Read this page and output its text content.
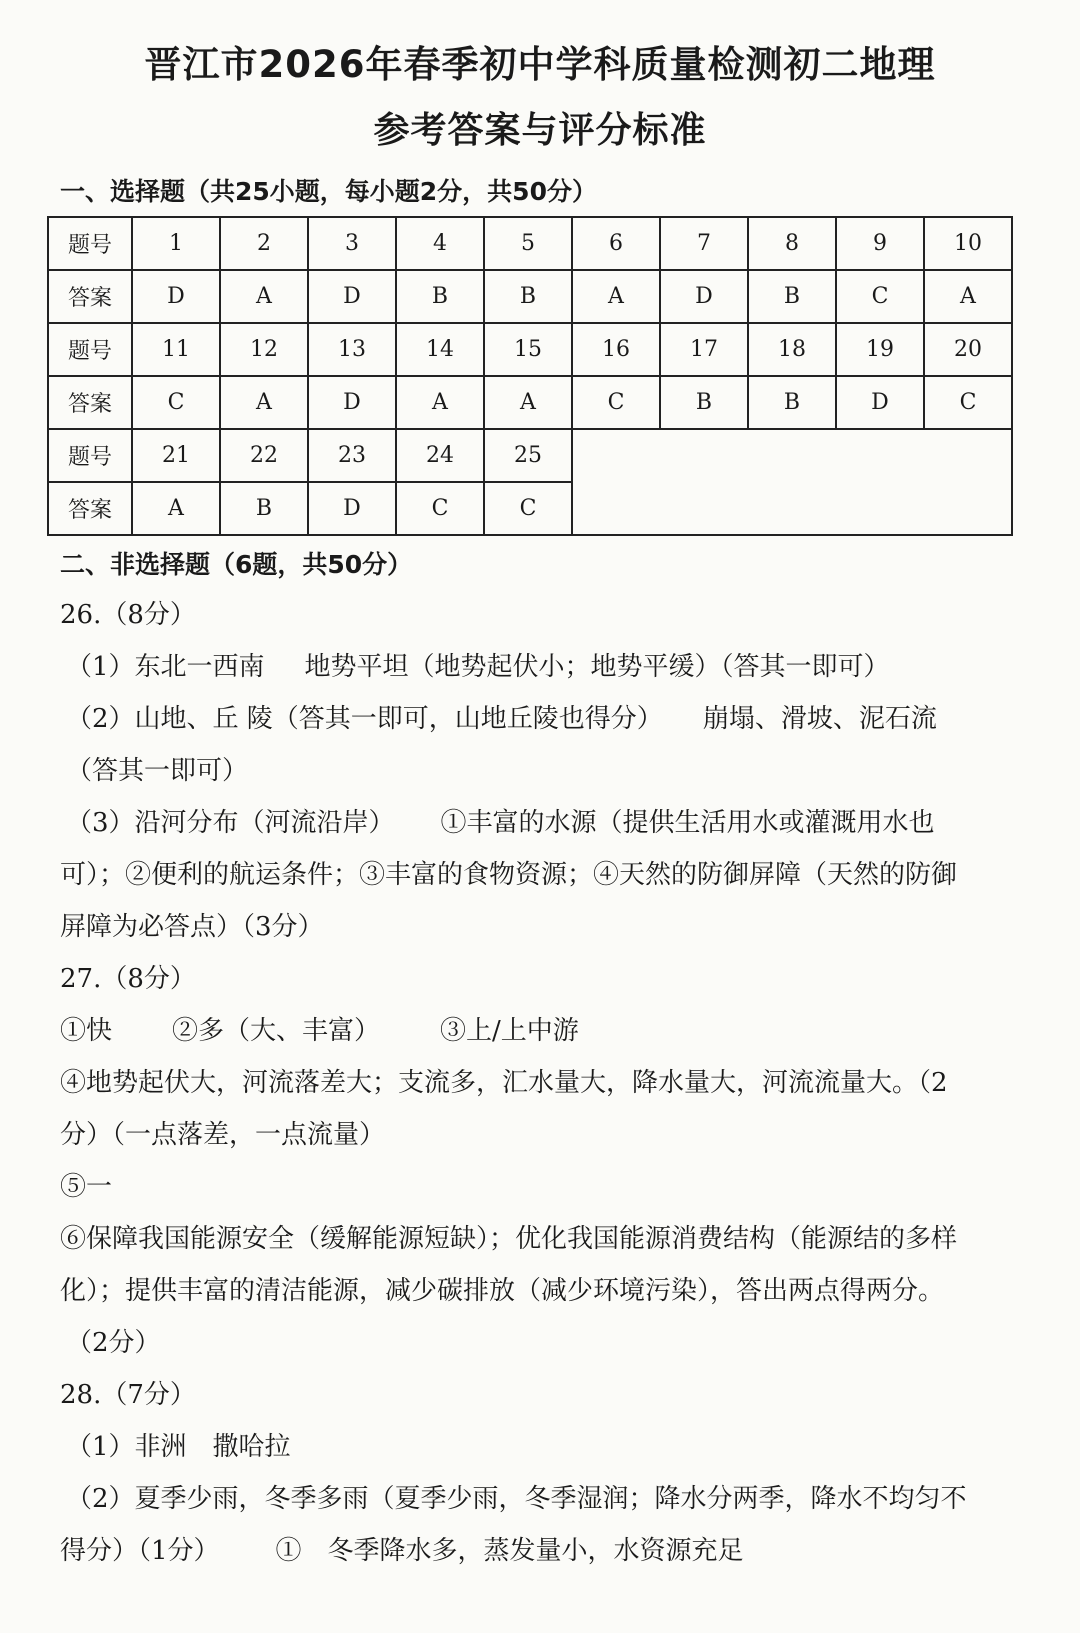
晋江市2026年春季初中学科质量检测初二地理
参考答案与评分标准
一、选择题（共25小题，每小题2分，共50分）
题号	1	2	3	4	5	6	7	8	9	10
答案	D	A	D	B	B	A	D	B	C	A
题号	11	12	13	14	15	16	17	18	19	20
答案	C	A	D	A	A	C	B	B	D	C
题号	21	22	23	24	25					
答案	A	B	D	C	C					
二、非选择题（6题，共50分）
26.（8分）
（1）东北一西南 地势平坦（地势起伏小；地势平缓）（答其一即可）
（2）山地、丘 陵（答其一即可，山地丘陵也得分） 崩塌、滑坡、泥石流
（答其一即可）
（3）沿河分布（河流沿岸） ①丰富的水源（提供生活用水或灌溉用水也
可）；②便利的航运条件；③丰富的食物资源；④天然的防御屏障（天然的防御
屏障为必答点）（3分）
27.（8分）
①快 ②多（大、丰富） ③上/上中游
④地势起伏大，河流落差大；支流多，汇水量大，降水量大，河流流量大。（2
分）（一点落差，一点流量）
⑤一
⑥保障我国能源安全（缓解能源短缺）；优化我国能源消费结构（能源结的多样
化）；提供丰富的清洁能源，减少碳排放（减少环境污染），答出两点得两分。
（2分）
28.（7分）
（1）非洲　撒哈拉
（2）夏季少雨，冬季多雨（夏季少雨，冬季湿润；降水分两季，降水不均匀不
得分）（1分） ①　冬季降水多，蒸发量小，水资源充足
